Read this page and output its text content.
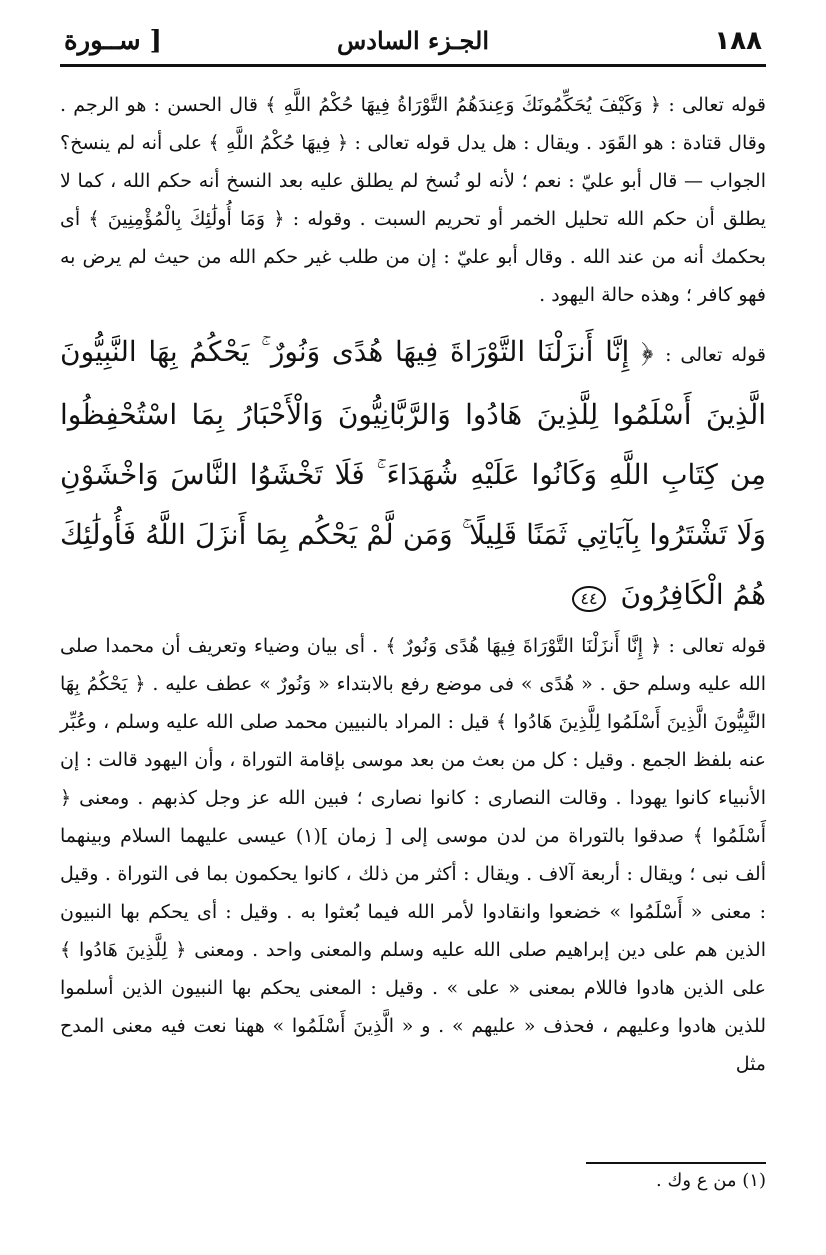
١٨٨
الجـزء السادس
[ ســورة

قوله تعالى : ﴿ وَكَيْفَ يُحَكِّمُونَكَ وَعِندَهُمُ التَّوْرَاةُ فِيهَا حُكْمُ اللَّهِ ﴾ قال الحسن : هو الرجم . وقال قتادة : هو القَوَد . ويقال : هل يدل قوله تعالى : ﴿ فِيهَا حُكْمُ اللَّهِ ﴾ على أنه لم ينسخ؟ الجواب — قال أبو عليّ : نعم ؛ لأنه لو نُسخ لم يطلق عليه بعد النسخ أنه حكم الله ، كما لا يطلق أن حكم الله تحليل الخمر أو تحريم السبت . وقوله : ﴿ وَمَا أُولَٰئِكَ بِالْمُؤْمِنِينَ ﴾ أى بحكمك أنه من عند الله . وقال أبو عليّ : إن من طلب غير حكم الله من حيث لم يرض به فهو كافر ؛ وهذه حالة اليهود .

قوله تعالى : ﴿ إِنَّا أَنزَلْنَا التَّوْرَاةَ فِيهَا هُدًى وَنُورٌ ۚ يَحْكُمُ بِهَا النَّبِيُّونَ الَّذِينَ أَسْلَمُوا لِلَّذِينَ هَادُوا وَالرَّبَّانِيُّونَ وَالْأَحْبَارُ بِمَا اسْتُحْفِظُوا مِن كِتَابِ اللَّهِ وَكَانُوا عَلَيْهِ شُهَدَاءَ ۚ فَلَا تَخْشَوُا النَّاسَ وَاخْشَوْنِ وَلَا تَشْتَرُوا بِآيَاتِي ثَمَنًا قَلِيلًا ۚ وَمَن لَّمْ يَحْكُم بِمَا أَنزَلَ اللَّهُ فَأُولَٰئِكَ هُمُ الْكَافِرُونَ ٤٤

قوله تعالى : ﴿ إِنَّا أَنزَلْنَا التَّوْرَاةَ فِيهَا هُدًى وَنُورٌ ﴾ . أى بيان وضياء وتعريف أن محمدا صلى الله عليه وسلم حق . « هُدًى » فى موضع رفع بالابتداء « وَنُورٌ » عطف عليه . ﴿ يَحْكُمُ بِهَا النَّبِيُّونَ الَّذِينَ أَسْلَمُوا لِلَّذِينَ هَادُوا ﴾ قيل : المراد بالنبيين محمد صلى الله عليه وسلم ، وعُبِّر عنه بلفظ الجمع . وقيل : كل من بعث من بعد موسى بإقامة التوراة ، وأن اليهود قالت : إن الأنبياء كانوا يهودا . وقالت النصارى : كانوا نصارى ؛ فبين الله عز وجل كذبهم . ومعنى ﴿ أَسْلَمُوا ﴾ صدقوا بالتوراة من لدن موسى إلى [ زمان ](١) عيسى عليهما السلام وبينهما ألف نبى ؛ ويقال : أربعة آلاف . ويقال : أكثر من ذلك ، كانوا يحكمون بما فى التوراة . وقيل : معنى « أَسْلَمُوا » خضعوا وانقادوا لأمر الله فيما بُعثوا به . وقيل : أى يحكم بها النبيون الذين هم على دين إبراهيم صلى الله عليه وسلم والمعنى واحد . ومعنى ﴿ لِلَّذِينَ هَادُوا ﴾ على الذين هادوا فاللام بمعنى « على » . وقيل : المعنى يحكم بها النبيون الذين أسلموا للذين هادوا وعليهم ، فحذف « عليهم » . و « الَّذِينَ أَسْلَمُوا » ههنا نعت فيه معنى المدح مثل

(١) من ع وك .
